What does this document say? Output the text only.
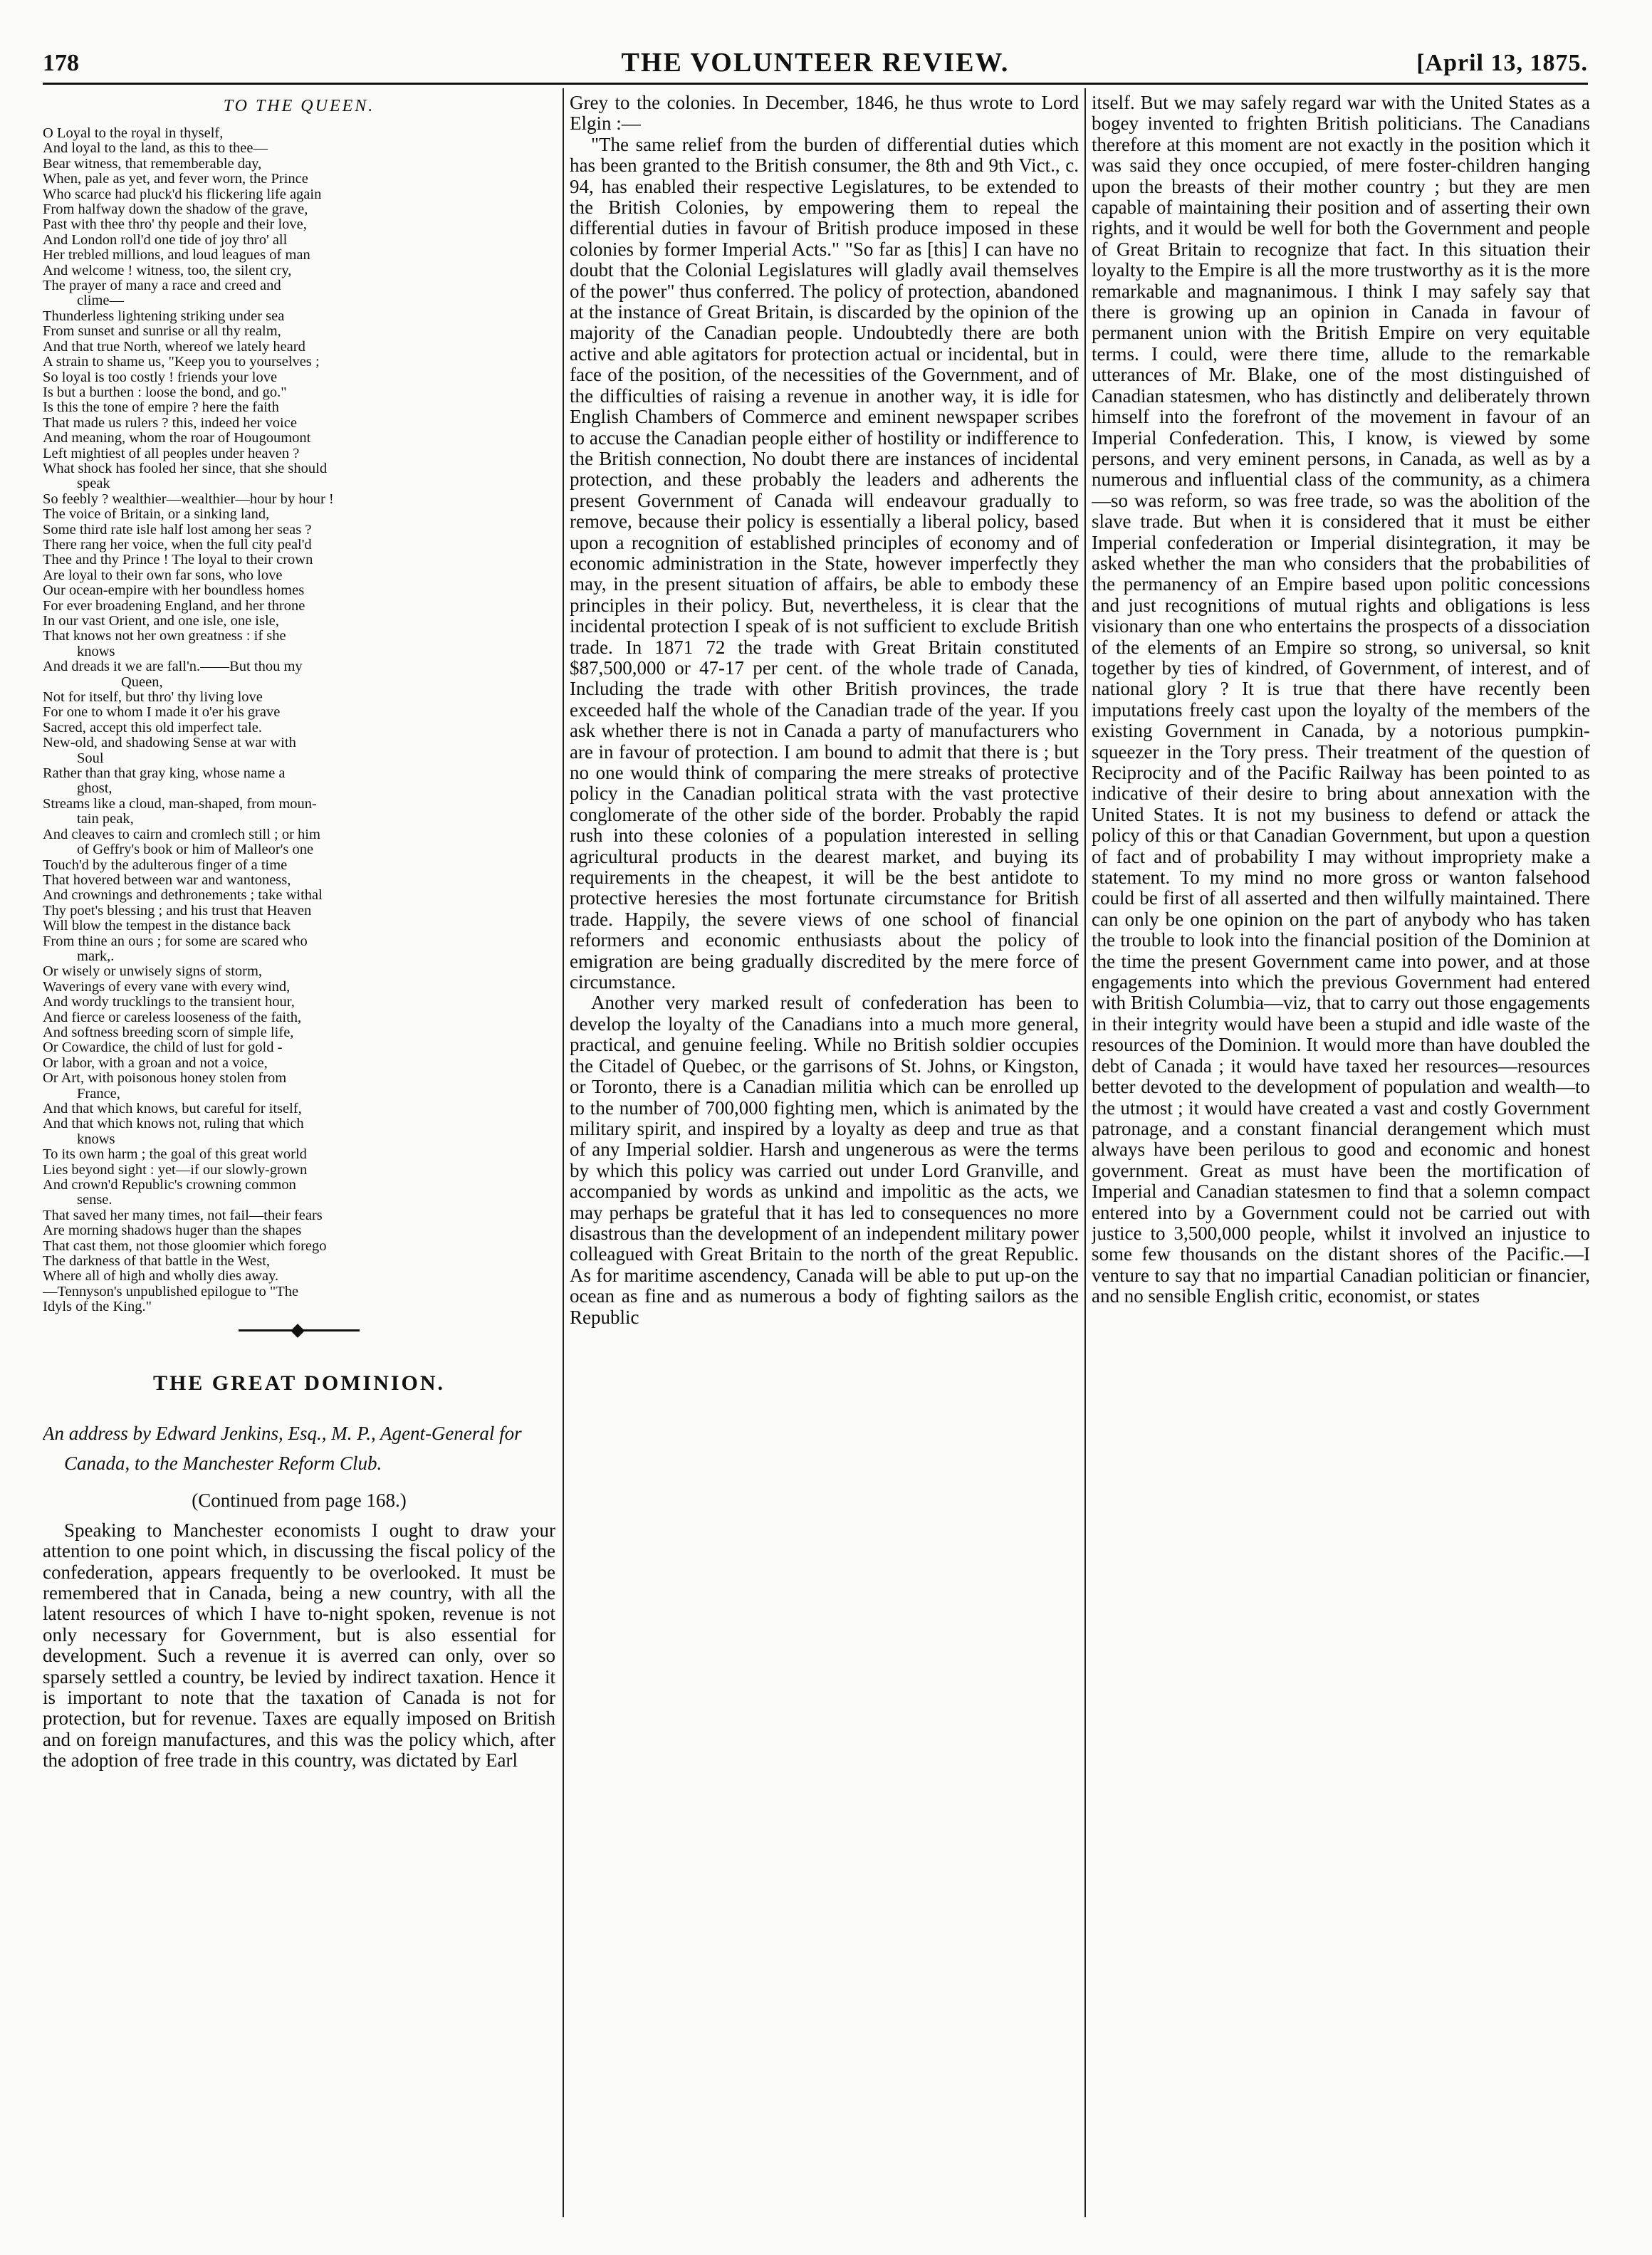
178	THE VOLUNTEER REVIEW.	[April 13, 1875.
TO THE QUEEN.
O Loyal to the royal in thyself,
And loyal to the land, as this to thee—
Bear witness, that rememberable day,
When, pale as yet, and fever worn, the Prince
Who scarce had pluck'd his flickering life again
From halfway down the shadow of the grave,
Past with thee thro' thy people and their love,
And London roll'd one tide of joy thro' all
Her trebled millions, and loud leagues of man
And welcome ! witness, too, the silent cry,
The prayer of many a race and creed and
clime—
Thunderless lightening striking under sea
From sunset and sunrise or all thy realm,
And that true North, whereof we lately heard
A strain to shame us, "Keep you to yourselves ;
So loyal is too costly ! friends your love
Is but a burthen : loose the bond, and go."
Is this the tone of empire ? here the faith
That made us rulers ? this, indeed her voice
And meaning, whom the roar of Hougoumont
Left mightiest of all peoples under heaven ?
What shock has fooled her since, that she should
speak
So feebly ? wealthier—wealthier—hour by hour !
The voice of Britain, or a sinking land,
Some third rate isle half lost among her seas ?
There rang her voice, when the full city peal'd
Thee and thy Prince ! The loyal to their crown
Are loyal to their own far sons, who love
Our ocean-empire with her boundless homes
For ever broadening England, and her throne
In our vast Orient, and one isle, one isle,
That knows not her own greatness : if she
knows
And dreads it we are fall'n.——But thou my
Queen,
Not for itself, but thro' thy living love
For one to whom I made it o'er his grave
Sacred, accept this old imperfect tale.
New-old, and shadowing Sense at war with
Soul
Rather than that gray king, whose name a
ghost,
Streams like a cloud, man-shaped, from moun-
tain peak,
And cleaves to cairn and cromlech still ; or him
of Geffry's book or him of Malleor's one
Touch'd by the adulterous finger of a time
That hovered between war and wantoness,
And crownings and dethronements ; take withal
Thy poet's blessing ; and his trust that Heaven
Will blow the tempest in the distance back
From thine an ours ; for some are scared who
mark,.
Or wisely or unwisely signs of storm,
Waverings of every vane with every wind,
And wordy trucklings to the transient hour,
And fierce or careless looseness of the faith,
And softness breeding scorn of simple life,
Or Cowardice, the child of lust for gold -
Or labor, with a groan and not a voice,
Or Art, with poisonous honey stolen from
France,
And that which knows, but careful for itself,
And that which knows not, ruling that which
knows
To its own harm ; the goal of this great world
Lies beyond sight : yet—if our slowly-grown
And crown'd Republic's crowning common
sense.
That saved her many times, not fail—their fears
Are morning shadows huger than the shapes
That cast them, not those gloomier which forego
The darkness of that battle in the West,
Where all of high and wholly dies away.
—Tennyson's unpublished epilogue to "The
Idyls of the King."
THE GREAT DOMINION.
An address by Edward Jenkins, Esq., M. P., Agent-General for Canada, to the Manchester Reform Club.
(Continued from page 168.)

Speaking to Manchester economists I ought to draw your attention to one point which, in discussing the fiscal policy of the confederation, appears frequently to be overlooked. It must be remembered that in Canada, being a new country, with all the latent resources of which I have to-night spoken, revenue is not only necessary for Government, but is also essential for development. Such a revenue it is averred can only, over so sparsely settled a country, be levied by indirect taxation. Hence it is important to note that the taxation of Canada is not for protection, but for revenue. Taxes are equally imposed on British and on foreign manufactures, and this was the policy which, after the adoption of free trade in this country, was dictated by Earl

Grey to the colonies. In December, 1846, he thus wrote to Lord Elgin :—

"The same relief from the burden of differential duties which has been granted to the British consumer, the 8th and 9th Vict., c. 94, has enabled their respective Legislatures, to be extended to the British Colonies, by empowering them to repeal the differential duties in favour of British produce imposed in these colonies by former Imperial Acts." "So far as [this] I can have no doubt that the Colonial Legislatures will gladly avail themselves of the power" thus conferred. The policy of protection, abandoned at the instance of Great Britain, is discarded by the opinion of the majority of the Canadian people. Undoubtedly there are both active and able agitators for protection actual or incidental, but in face of the position, of the necessities of the Government, and of the difficulties of raising a revenue in another way, it is idle for English Chambers of Commerce and eminent newspaper scribes to accuse the Canadian people either of hostility or indifference to the British connection, No doubt there are instances of incidental protection, and these probably the leaders and adherents the present Government of Canada will endeavour gradually to remove, because their policy is essentially a liberal policy, based upon a recognition of established principles of economy and of economic administration in the State, however imperfectly they may, in the present situation of affairs, be able to embody these principles in their policy. But, nevertheless, it is clear that the incidental protection I speak of is not sufficient to exclude British trade. In 1871 72 the trade with Great Britain constituted $87,500,000 or 47-17 per cent. of the whole trade of Canada, Including the trade with other British provinces, the trade exceeded half the whole of the Canadian trade of the year. If you ask whether there is not in Canada a party of manufacturers who are in favour of protection. I am bound to admit that there is ; but no one would think of comparing the mere streaks of protective policy in the Canadian political strata with the vast protective conglomerate of the other side of the border. Probably the rapid rush into these colonies of a population interested in selling agricultural products in the dearest market, and buying its requirements in the cheapest, it will be the best antidote to protective heresies the most fortunate circumstance for British trade. Happily, the severe views of one school of financial reformers and economic enthusiasts about the policy of emigration are being gradually discredited by the mere force of circumstance.

Another very marked result of confederation has been to develop the loyalty of the Canadians into a much more general, practical, and genuine feeling. While no British soldier occupies the Citadel of Quebec, or the garrisons of St. Johns, or Kingston, or Toronto, there is a Canadian militia which can be enrolled up to the number of 700,000 fighting men, which is animated by the military spirit, and inspired by a loyalty as deep and true as that of any Imperial soldier. Harsh and ungenerous as were the terms by which this policy was carried out under Lord Granville, and accompanied by words as unkind and impolitic as the acts, we may perhaps be grateful that it has led to consequences no more disastrous than the development of an independent military power colleagued with Great Britain to the north of the great Republic. As for maritime ascendency, Canada will be able to put up-on the ocean as fine and as numerous a body of fighting sailors as the Republic

itself. But we may safely regard war with the United States as a bogey invented to frighten British politicians. The Canadians therefore at this moment are not exactly in the position which it was said they once occupied, of mere foster-children hanging upon the breasts of their mother country ; but they are men capable of maintaining their position and of asserting their own rights, and it would be well for both the Government and people of Great Britain to recognize that fact. In this situation their loyalty to the Empire is all the more trustworthy as it is the more remarkable and magnanimous. I think I may safely say that there is growing up an opinion in Canada in favour of permanent union with the British Empire on very equitable terms. I could, were there time, allude to the remarkable utterances of Mr. Blake, one of the most distinguished of Canadian statesmen, who has distinctly and deliberately thrown himself into the forefront of the movement in favour of an Imperial Confederation. This, I know, is viewed by some persons, and very eminent persons, in Canada, as well as by a numerous and influential class of the community, as a chimera—so was reform, so was free trade, so was the abolition of the slave trade. But when it is considered that it must be either Imperial confederation or Imperial disintegration, it may be asked whether the man who considers that the probabilities of the permanency of an Empire based upon politic concessions and just recognitions of mutual rights and obligations is less visionary than one who entertains the prospects of a dissociation of the elements of an Empire so strong, so universal, so knit together by ties of kindred, of Government, of interest, and of national glory ? It is true that there have recently been imputations freely cast upon the loyalty of the members of the existing Government in Canada, by a notorious pumpkin-squeezer in the Tory press. Their treatment of the question of Reciprocity and of the Pacific Railway has been pointed to as indicative of their desire to bring about annexation with the United States. It is not my business to defend or attack the policy of this or that Canadian Government, but upon a question of fact and of probability I may without impropriety make a statement. To my mind no more gross or wanton falsehood could be first of all asserted and then wilfully maintained. There can only be one opinion on the part of anybody who has taken the trouble to look into the financial position of the Dominion at the time the present Government came into power, and at those engagements into which the previous Government had entered with British Columbia—viz, that to carry out those engagements in their integrity would have been a stupid and idle waste of the resources of the Dominion. It would more than have doubled the debt of Canada ; it would have taxed her resources—resources better devoted to the development of population and wealth—to the utmost ; it would have created a vast and costly Government patronage, and a constant financial derangement which must always have been perilous to good and economic and honest government. Great as must have been the mortification of Imperial and Canadian statesmen to find that a solemn compact entered into by a Government could not be carried out with justice to 3,500,000 people, whilst it involved an injustice to some few thousands on the distant shores of the Pacific.—I venture to say that no impartial Canadian politician or financier, and no sensible English critic, economist, or states
